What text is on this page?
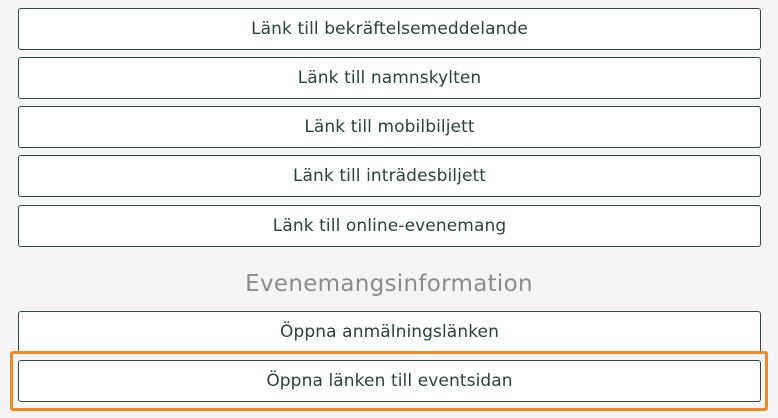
Länk till bekräftelsemeddelande
Länk till namnskylten
Länk till mobilbiljett
Länk till inträdesbiljett
Länk till online-evenemang
Evenemangsinformation
Öppna anmälningslänken
Öppna länken till eventsidan
